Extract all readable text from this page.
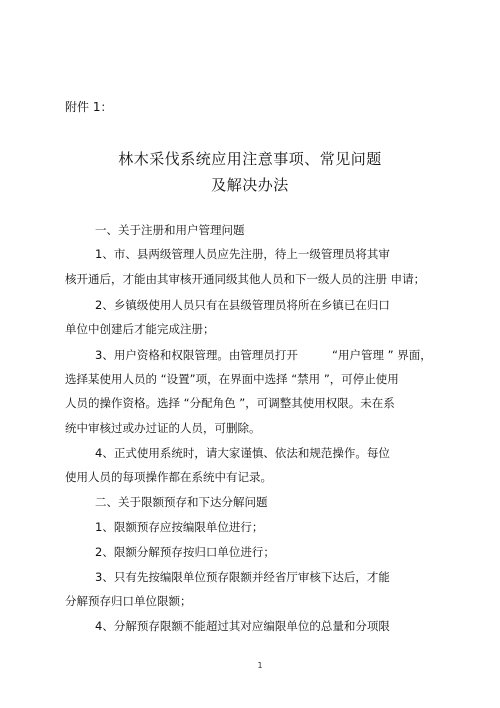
附件 1：
林木采伐系统应用注意事项、常见问题
及解决办法
一、关于注册和用户管理问题
1、市、县两级管理人员应先注册，待上一级管理员将其审
核开通后，才能由其审核开通同级其他人员和下一级人员的注册 申请；
2、乡镇级使用人员只有在县级管理员将所在乡镇已在归口
单位中创建后才能完成注册；
3、用户资格和权限管理。由管理员打开	“用户管理 ” 界面，
选择某使用人员的 “设置”项，在界面中选择 “禁用 ”，可停止使用
人员的操作资格。选择 “分配角色 ”，可调整其使用权限。未在系
统中审核过或办过证的人员，可删除。
4、正式使用系统时，请大家谨慎、依法和规范操作。每位
使用人员的每项操作都在系统中有记录。
二、关于限额预存和下达分解问题
1、限额预存应按编限单位进行；
2、限额分解预存按归口单位进行；
3、只有先按编限单位预存限额并经省厅审核下达后，才能
分解预存归口单位限额；
4、分解预存限额不能超过其对应编限单位的总量和分项限
1
